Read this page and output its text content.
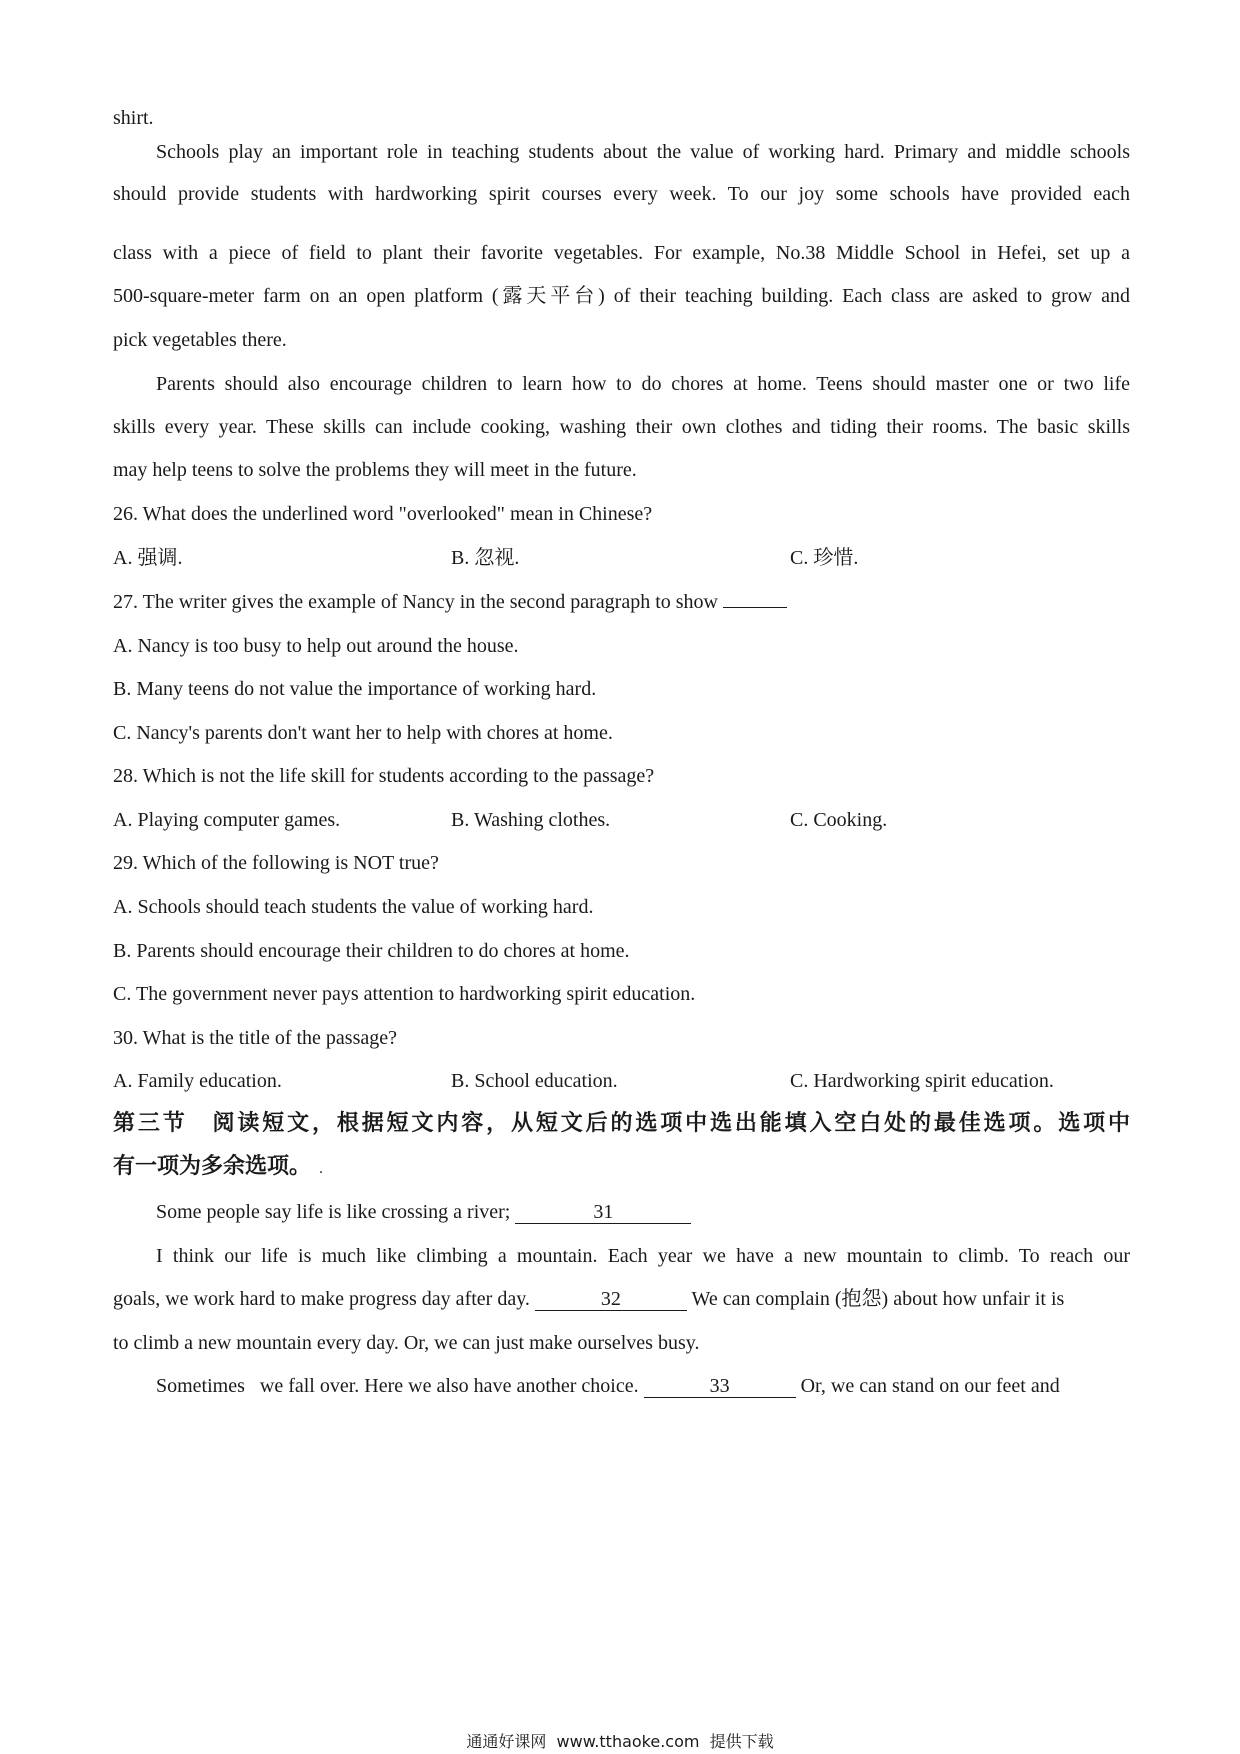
shirt.
Schools play an important role in teaching students about the value of working hard. Primary and middle schools
should provide students with hardworking spirit courses every week. To our joy some schools have provided each
class with a piece of field to plant their favorite vegetables. For example, No.38 Middle School in Hefei, set up a
500-square-meter farm on an open platform (露天平台) of their teaching building. Each class are asked to grow and
pick vegetables there.
Parents should also encourage children to learn how to do chores at home. Teens should master one or two life
skills every year. These skills can include cooking, washing their own clothes and tiding their rooms. The basic skills
may help teens to solve the problems they will meet in the future.
26. What does the underlined word "overlooked" mean in Chinese?
A. 强调.	B. 忽视.	C. 珍惜.
27. The writer gives the example of Nancy in the second paragraph to show
A. Nancy is too busy to help out around the house.
B. Many teens do not value the importance of working hard.
C. Nancy's parents don't want her to help with chores at home.
28. Which is not the life skill for students according to the passage?
A. Playing computer games.	B. Washing clothes.	C. Cooking.
29. Which of the following is NOT true?
A. Schools should teach students the value of working hard.
B. Parents should encourage their children to do chores at home.
C. The government never pays attention to hardworking spirit education.
30. What is the title of the passage?
A. Family education.	B. School education.	C. Hardworking spirit education.
第三节　阅读短文，根据短文内容，从短文后的选项中选出能填入空白处的最佳选项。选项中
有一项为多余选项。 .
Some people say life is like crossing a river;	31
I think our life is much like climbing a mountain. Each year we have a new mountain to climb. To reach our
goals, we work hard to make progress day after day.	32	We can complain (抱怨) about how unfair it is
to climb a new mountain every day. Or, we can just make ourselves busy.
Sometimes   we fall over. Here we also have another choice.	33	Or, we can stand on our feet and
通通好课网  www.tthaoke.com  提供下载
